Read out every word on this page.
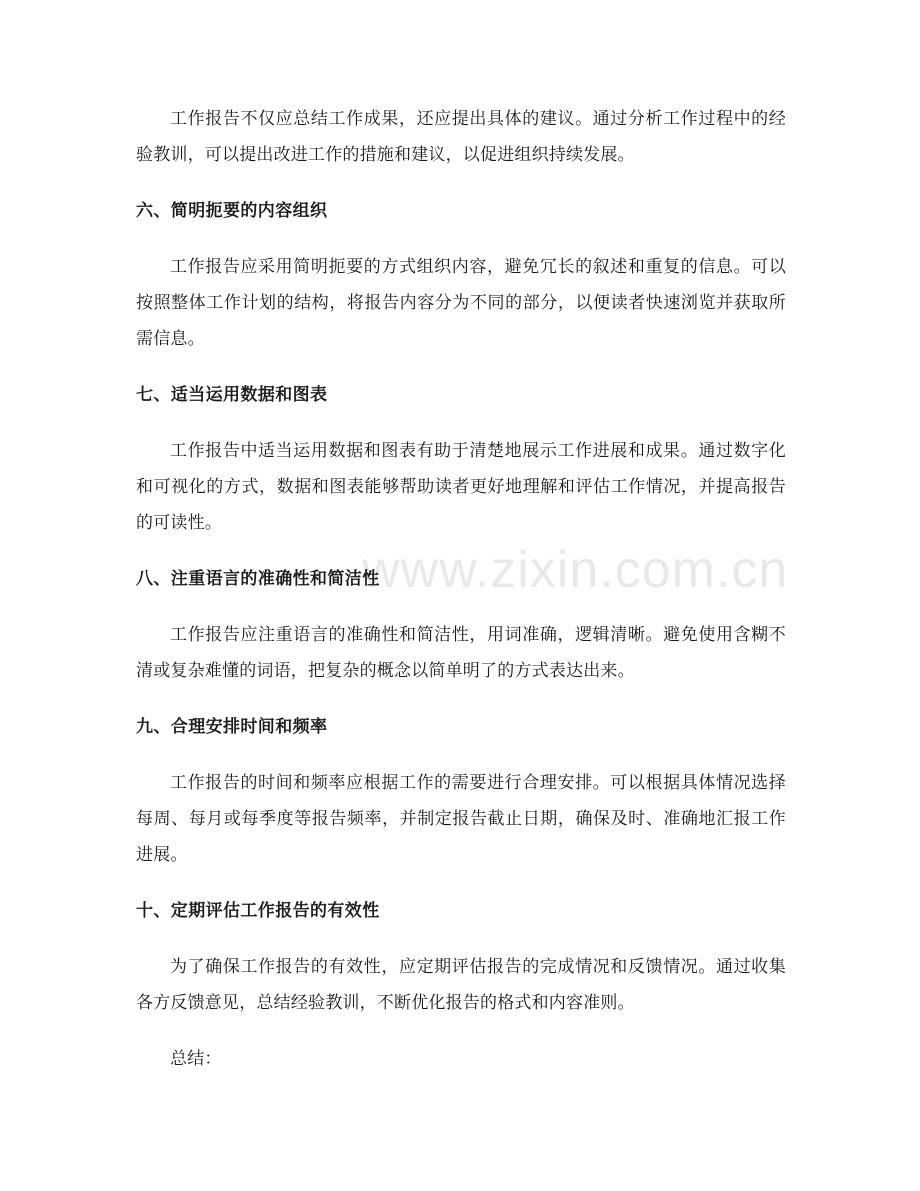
www.zixin.com.cn

工作报告不仅应总结工作成果，还应提出具体的建议。通过分析工作过程中的经验教训，可以提出改进工作的措施和建议，以促进组织持续发展。

六、简明扼要的内容组织

工作报告应采用简明扼要的方式组织内容，避免冗长的叙述和重复的信息。可以按照整体工作计划的结构，将报告内容分为不同的部分，以便读者快速浏览并获取所需信息。

七、适当运用数据和图表

工作报告中适当运用数据和图表有助于清楚地展示工作进展和成果。通过数字化和可视化的方式，数据和图表能够帮助读者更好地理解和评估工作情况，并提高报告的可读性。

八、注重语言的准确性和简洁性

工作报告应注重语言的准确性和简洁性，用词准确，逻辑清晰。避免使用含糊不清或复杂难懂的词语，把复杂的概念以简单明了的方式表达出来。

九、合理安排时间和频率

工作报告的时间和频率应根据工作的需要进行合理安排。可以根据具体情况选择每周、每月或每季度等报告频率，并制定报告截止日期，确保及时、准确地汇报工作进展。

十、定期评估工作报告的有效性

为了确保工作报告的有效性，应定期评估报告的完成情况和反馈情况。通过收集各方反馈意见，总结经验教训，不断优化报告的格式和内容准则。

总结：
